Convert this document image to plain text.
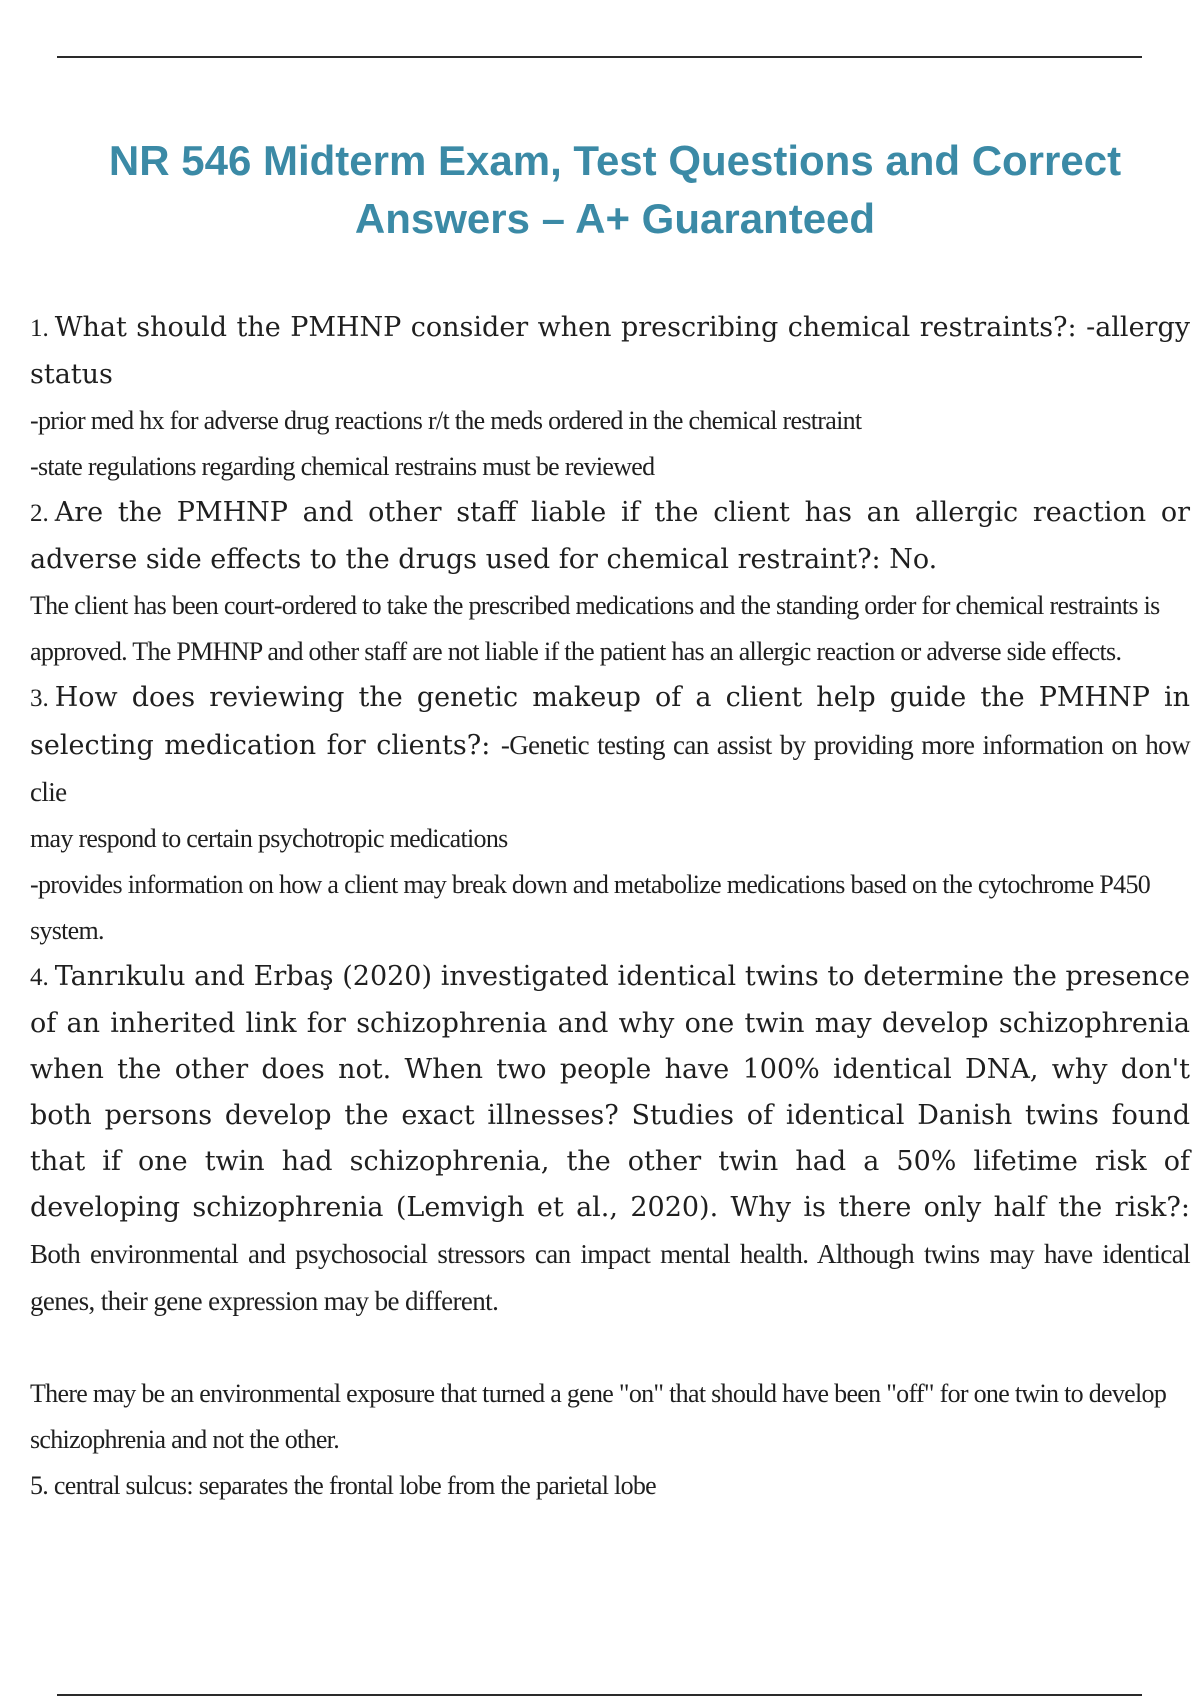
NR 546 Midterm Exam, Test Questions and Correct Answers – A+ Guaranteed

1. What should the PMHNP consider when prescribing chemical restraints?: -allergy status

-prior med hx for adverse drug reactions r/t the meds ordered in the chemical restraint

-state regulations regarding chemical restrains must be reviewed

2. Are the PMHNP and other staff liable if the client has an allergic reaction or adverse side effects to the drugs used for chemical restraint?: No.

The client has been court-ordered to take the prescribed medications and the standing order for chemical restraints is

approved. The PMHNP and other staff are not liable if the patient has an allergic reaction or adverse side effects.

3. How does reviewing the genetic makeup of a client help guide the PMHNP in selecting medication for clients?: -Genetic testing can assist by providing more information on how clie

may respond to certain psychotropic medications

-provides information on how a client may break down and metabolize medications based on the cytochrome P450

system.

4. Tanrıkulu and Erbaş (2020) investigated identical twins to determine the presence of an inherited link for schizophrenia and why one twin may develop schizophrenia when the other does not. When two people have 100% identical DNA, why don't both persons develop the exact illnesses? Studies of identical Danish twins found that if one twin had schizophrenia, the other twin had a 50% lifetime risk of developing schizophrenia (Lemvigh et al., 2020). Why is there only half the risk?: Both environmental and psychosocial stressors can impact mental health. Although twins may have identical genes, their gene expression may be different.

There may be an environmental exposure that turned a gene "on" that should have been "off" for one twin to develop

schizophrenia and not the other.

5. central sulcus: separates the frontal lobe from the parietal lobe
